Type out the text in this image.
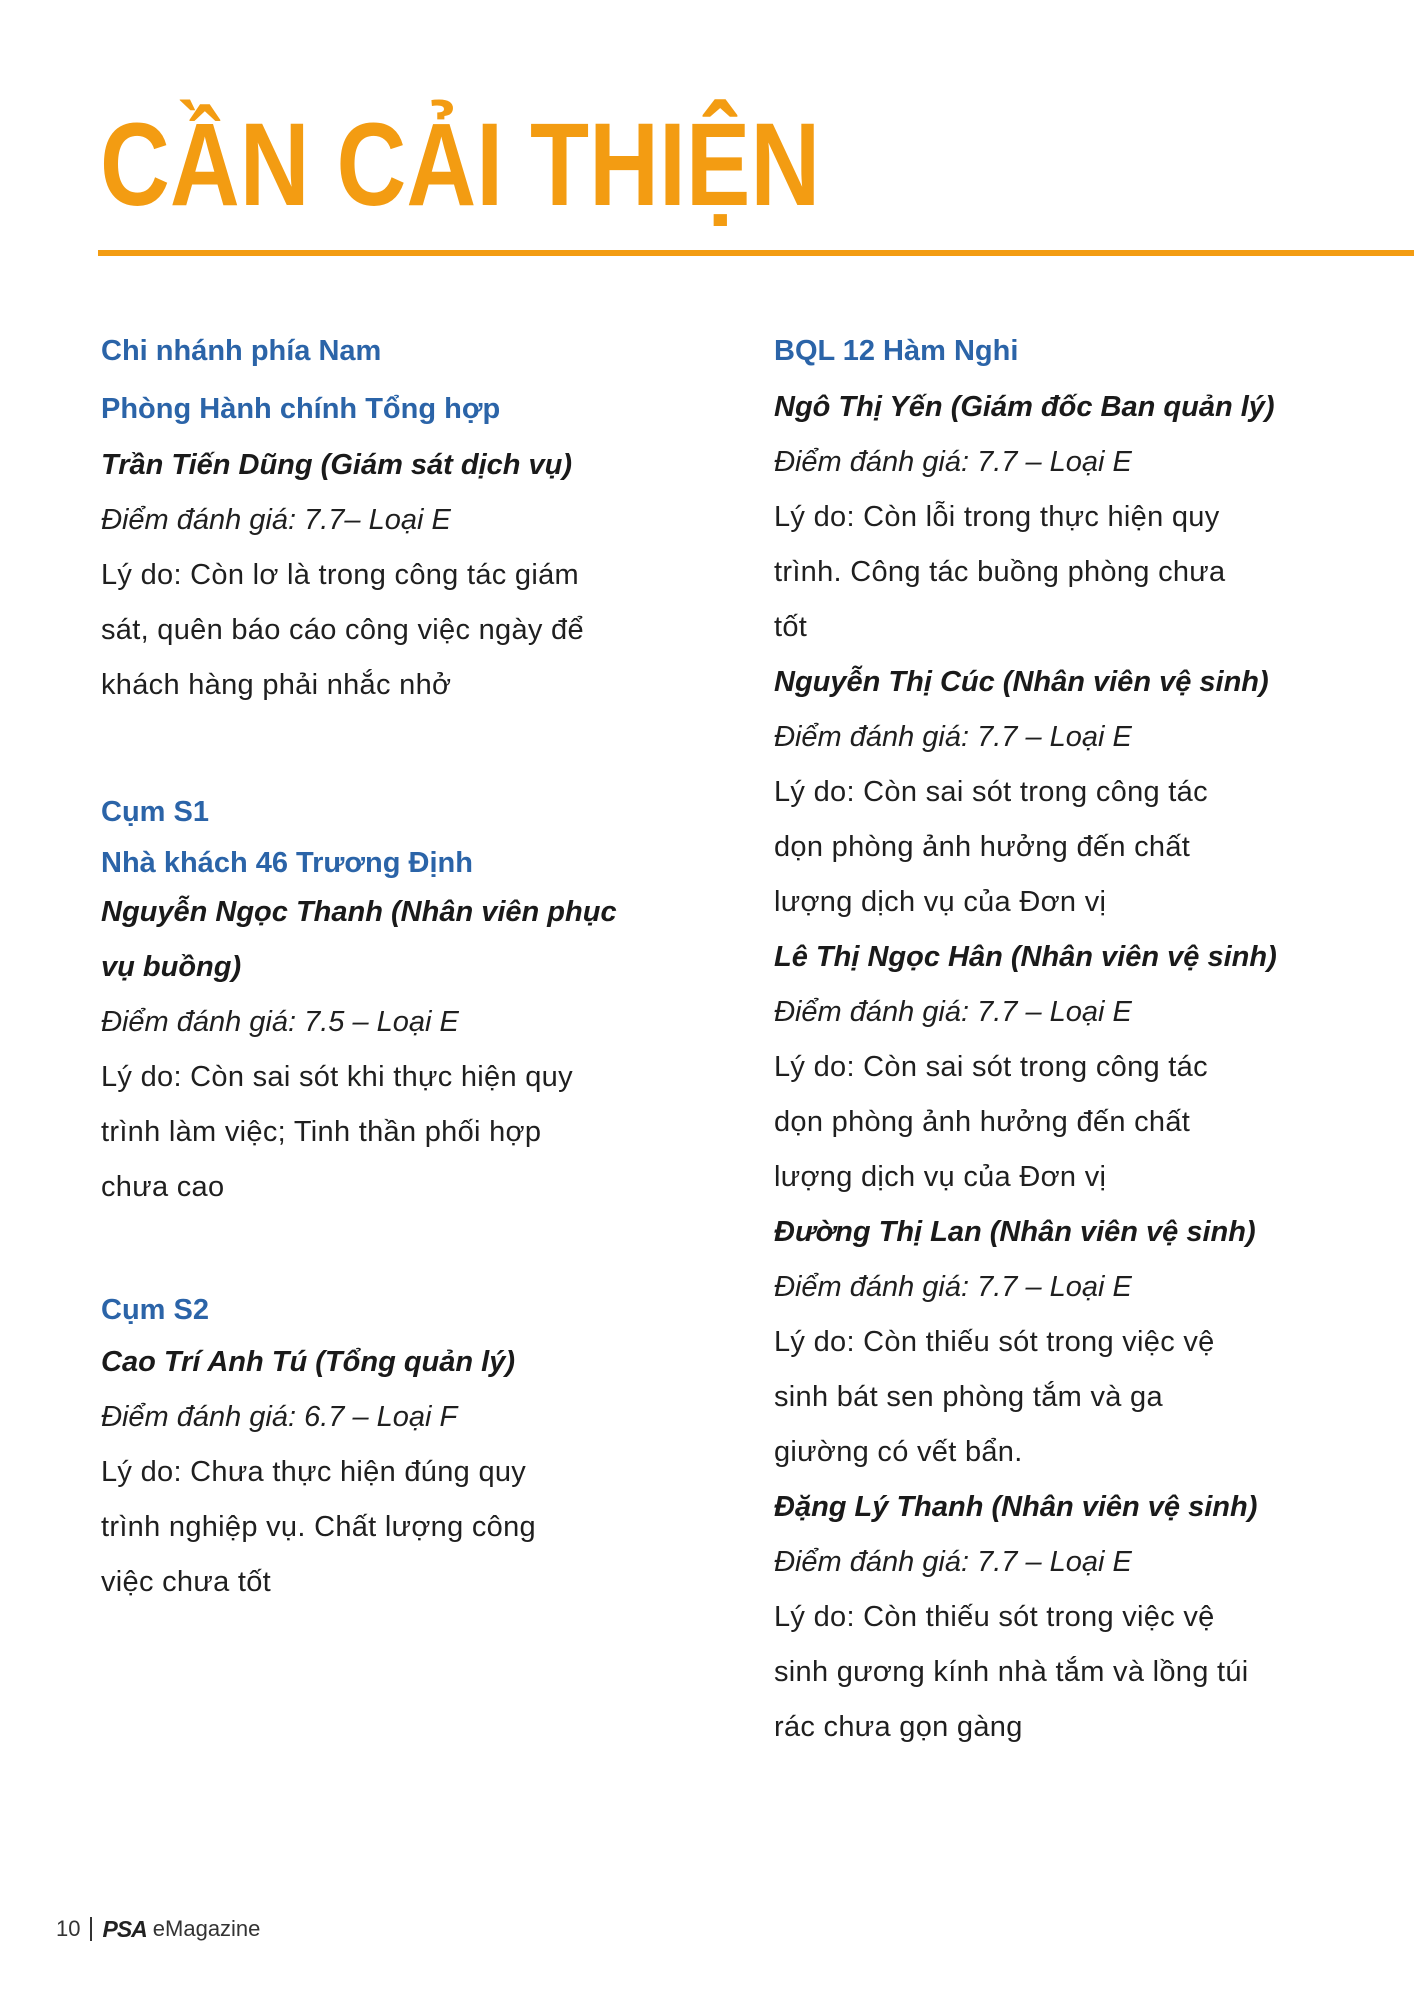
CẦN CẢI THIỆN

Chi nhánh phía Nam

Phòng Hành chính Tổng hợp

Trần Tiến Dũng (Giám sát dịch vụ)

Điểm đánh giá: 7.7– Loại E

Lý do: Còn lơ là trong công tác giám

sát, quên báo cáo công việc ngày để

khách hàng phải nhắc nhở

Cụm S1

Nhà khách 46 Trương Định

Nguyễn Ngọc Thanh (Nhân viên phục

vụ buồng)

Điểm đánh giá: 7.5 – Loại E

Lý do: Còn sai sót khi thực hiện quy

trình làm việc; Tinh thần phối hợp

chưa cao

Cụm S2

Cao Trí Anh Tú (Tổng quản lý)

Điểm đánh giá: 6.7 – Loại F

Lý do: Chưa thực hiện đúng quy

trình nghiệp vụ. Chất lượng công

việc chưa tốt

BQL 12 Hàm Nghi

Ngô Thị Yến (Giám đốc Ban quản lý)

Điểm đánh giá: 7.7 – Loại E

Lý do: Còn lỗi trong thực hiện quy

trình. Công tác buồng phòng chưa

tốt

Nguyễn Thị Cúc (Nhân viên vệ sinh)

Điểm đánh giá: 7.7 – Loại E

Lý do: Còn sai sót trong công tác

dọn phòng ảnh hưởng đến chất

lượng dịch vụ của Đơn vị

Lê Thị Ngọc Hân (Nhân viên vệ sinh)

Điểm đánh giá: 7.7 – Loại E

Lý do: Còn sai sót trong công tác

dọn phòng ảnh hưởng đến chất

lượng dịch vụ của Đơn vị

Đường Thị Lan (Nhân viên vệ sinh)

Điểm đánh giá: 7.7 – Loại E

Lý do: Còn thiếu sót trong việc vệ

sinh bát sen phòng tắm và ga

giường có vết bẩn.

Đặng Lý Thanh (Nhân viên vệ sinh)

Điểm đánh giá: 7.7 – Loại E

Lý do: Còn thiếu sót trong việc vệ

sinh gương kính nhà tắm và lồng túi

rác chưa gọn gàng

10 PSA eMagazine
